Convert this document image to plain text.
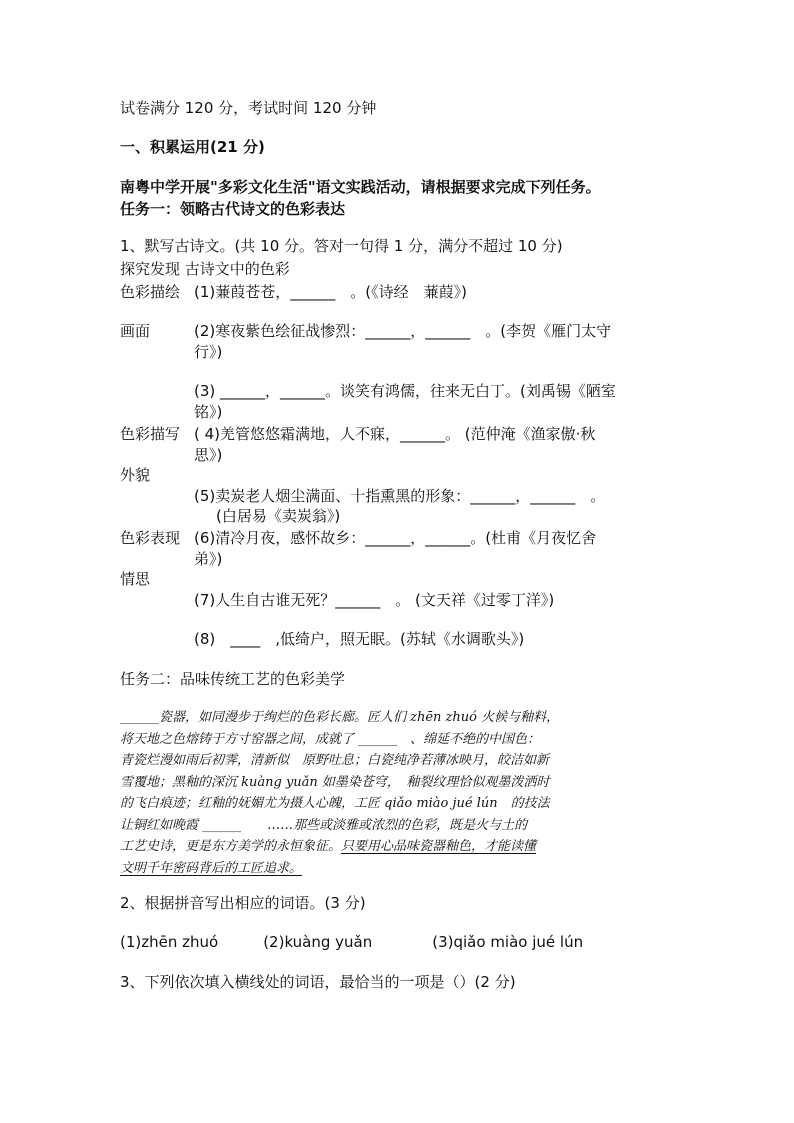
试卷满分 120 分，考试时间 120 分钟
一、积累运用(21 分)
南粤中学开展"多彩文化生活"语文实践活动，请根据要求完成下列任务。
任务一：领略古代诗文的色彩表达
1、默写古诗文。(共 10 分。答对一句得 1 分，满分不超过 10 分)
探究发现 古诗文中的色彩
色彩描绘 (1)蒹葭苍苍，______　。(《诗经　蒹葭》)
画面	(2)寒夜紫色绘征战惨烈：______，______　。(李贺《雁门太守
行》)
(3) ______，______。谈笑有鸿儒，往来无白丁。(刘禹锡《陋室
铭》)
色彩描写 ( 4)羌管悠悠霜满地，人不寐，______。 (范仲淹《渔家傲·秋
思》)
外貌
(5)卖炭老人烟尘满面、十指熏黑的形象：______，______　。
(白居易《卖炭翁》)
色彩表现 (6)清冷月夜，感怀故乡：______，______。(杜甫《月夜忆舍
弟》)
情思
(7)人生自古谁无死？______　。 (文天祥《过零丁洋》)
(8)　____　,低绮户，照无眠。(苏轼《水调歌头》)
任务二：品味传统工艺的色彩美学
______瓷器，如同漫步于绚烂的色彩长廊。匠人们 zhēn zhuó 火候与釉料，
将天地之色熔铸于方寸窑器之间，成就了 ______　、绵延不绝的中国色：
青瓷烂漫如雨后初霁，清新似　原野吐息；白瓷纯净若薄冰映月，皎洁如新
雪覆地；黑釉的深沉 kuàng yuǎn 如墨染苍穹，　釉裂纹理恰似观墨泼洒时
的飞白痕迹；红釉的妩媚尤为摄人心魄，工匠 qiǎo miào jué lún　的技法
让铜红如晚霞 ______　　……那些或淡雅或浓烈的色彩，既是火与土的
工艺史诗，更是东方美学的永恒象征。只要用心品味瓷器釉色，才能读懂
文明千年密码背后的工匠追求。
2、根据拼音写出相应的词语。(3 分)
(1)zhēn zhuó　　　(2)kuàng yuǎn　　　　(3)qiǎo miào jué lún
3、下列依次填入横线处的词语，最恰当的一项是（）(2 分)
